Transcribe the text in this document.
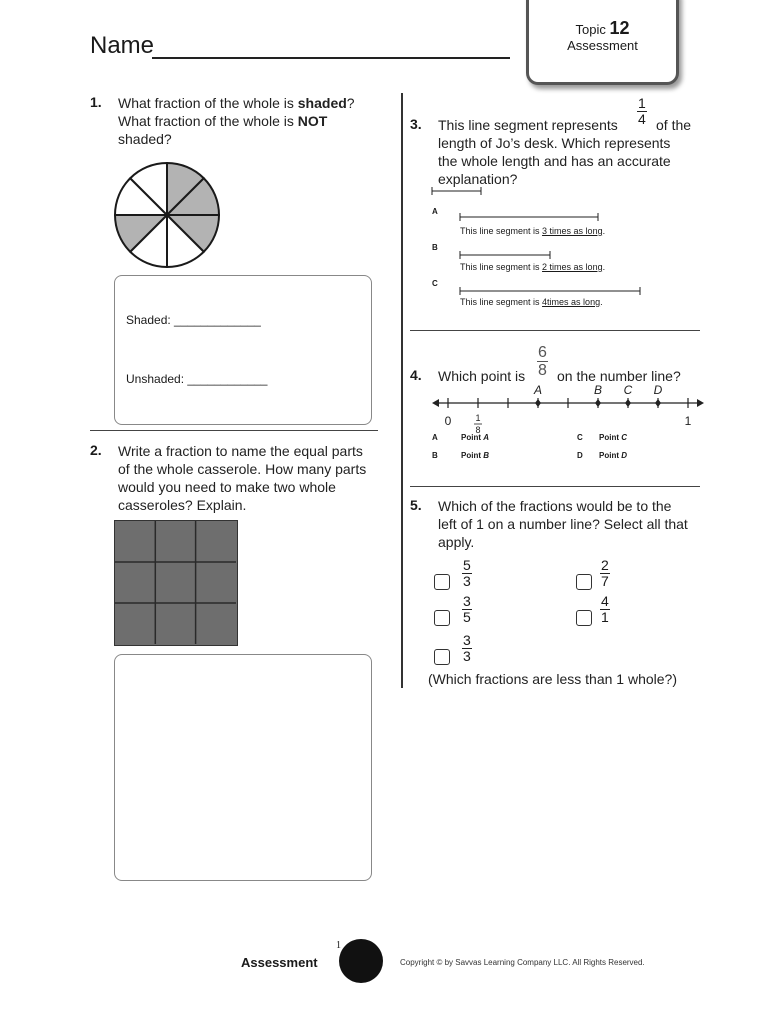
Name
Topic 12
Assessment
1. What fraction of the whole is shaded?
What fraction of the whole is NOT
shaded?
Shaded: _____________
Unshaded: ____________
2. Write a fraction to name the equal parts
of the whole casserole. How many parts
would you need to make two whole
casseroles? Explain.
3. This line segment represents $\frac{1}{4}$ of the
length of Jo’s desk. Which represents
the whole length and has an accurate
explanation?
A
This line segment is 3 times as long.
B
This line segment is 2 times as long.
C
This line segment is 4times as long.
4. Which point is $\frac{6}{8}$ on the number line?
A	B C D
0	1
1
8
A	Point A	C Point C
B	Point B	D Point D
5. Which of the fractions would be to the
left of 1 on a number line? Select all that
apply.
$\frac{5}{3}$	$\frac{2}{7}$
$\frac{3}{5}$	$\frac{4}{1}$
$\frac{3}{3}$
(Which fractions are less than 1 whole?)
Assessment
1
Copyright © by Savvas Learning Company LLC. All Rights Reserved.
